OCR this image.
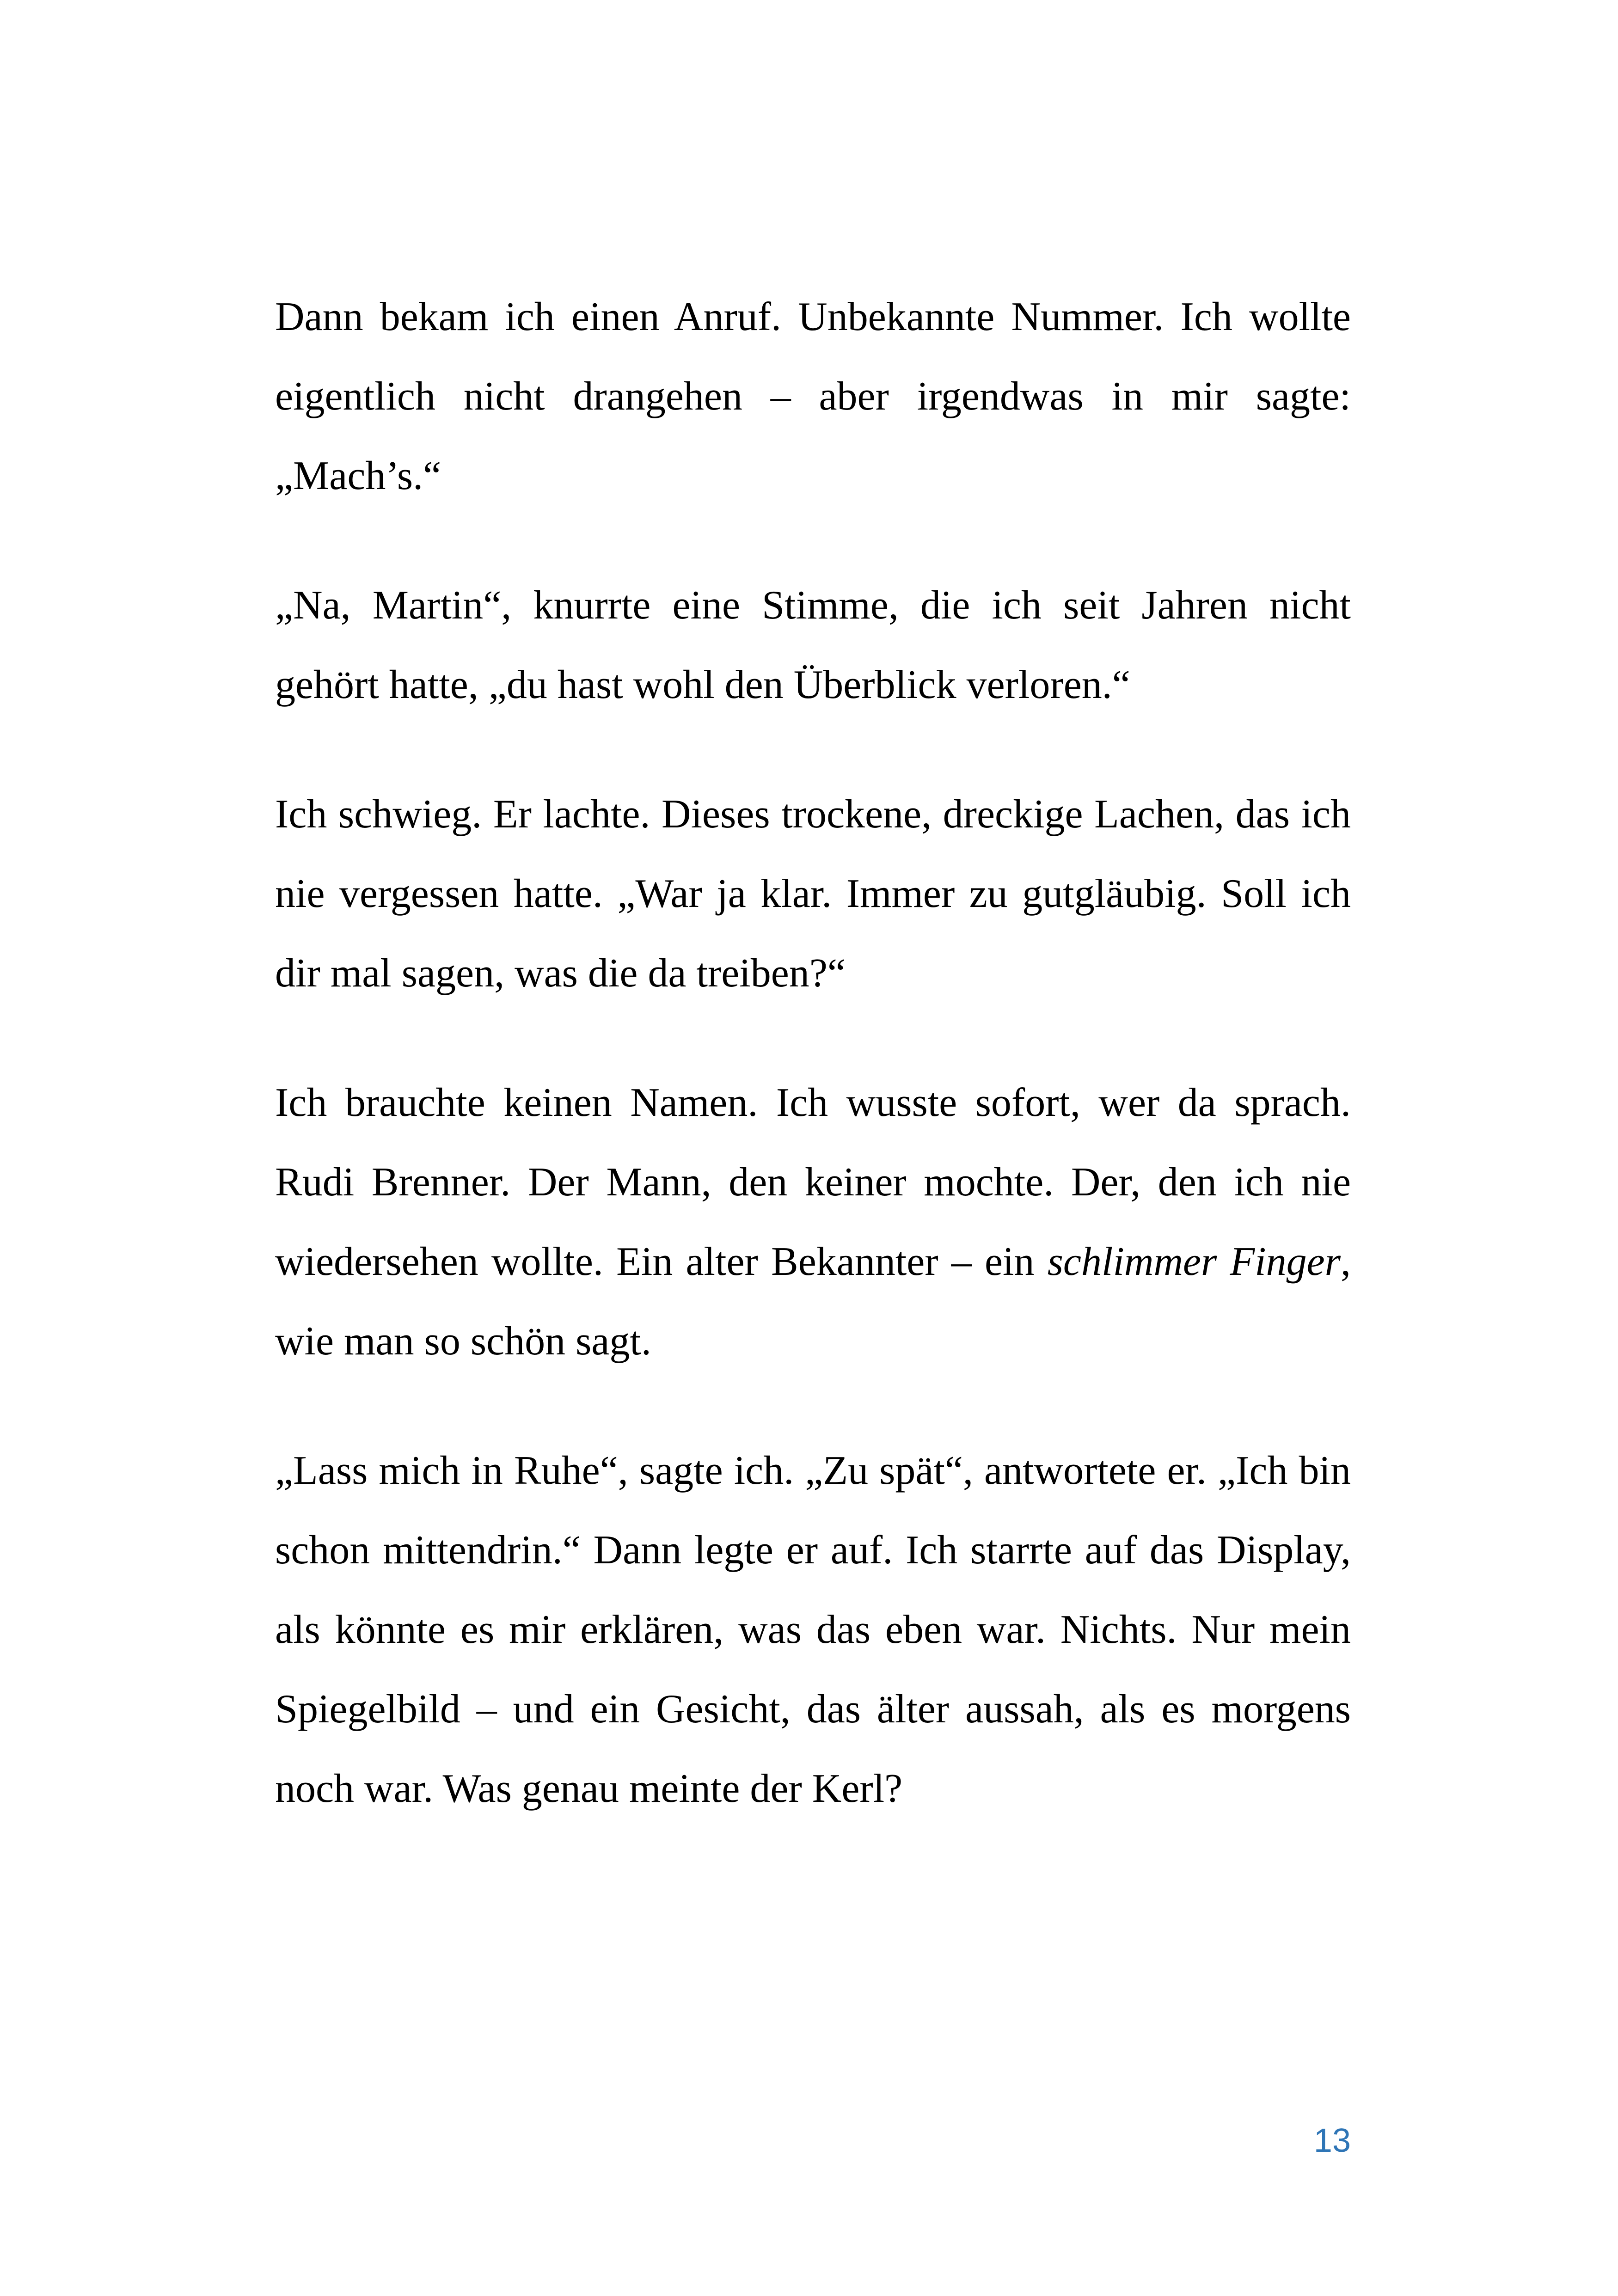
Dann bekam ich einen Anruf. Unbekannte Nummer. Ich wollte eigentlich nicht drangehen – aber irgendwas in mir sagte: „Mach’s.“

„Na, Martin“, knurrte eine Stimme, die ich seit Jahren nicht gehört hatte, „du hast wohl den Überblick verloren.“

Ich schwieg. Er lachte. Dieses trockene, dreckige Lachen, das ich nie vergessen hatte. „War ja klar. Immer zu gutgläubig. Soll ich dir mal sagen, was die da treiben?“

Ich brauchte keinen Namen. Ich wusste sofort, wer da sprach. Rudi Brenner. Der Mann, den keiner mochte. Der, den ich nie wiedersehen wollte. Ein alter Bekannter – ein schlimmer Finger, wie man so schön sagt.

„Lass mich in Ruhe“, sagte ich. „Zu spät“, antwortete er. „Ich bin schon mittendrin.“ Dann legte er auf. Ich starrte auf das Display, als könnte es mir erklären, was das eben war. Nichts. Nur mein Spiegelbild – und ein Gesicht, das älter aussah, als es morgens noch war. Was genau meinte der Kerl?

13
